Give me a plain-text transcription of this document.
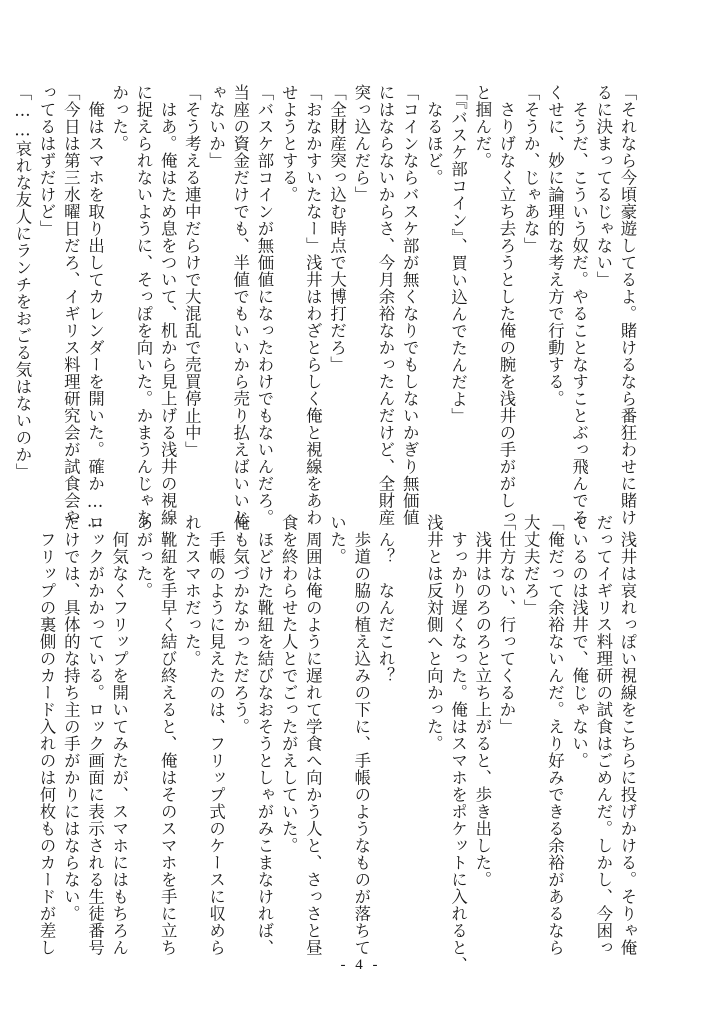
「それなら今頃豪遊してるよ。賭けるなら番狂わせに賭け
るに決まってるじゃない」
　そうだ、こういう奴だ。やることなすことぶっ飛んでる
くせに、妙に論理的な考え方で行動する。
「そうか、じゃあな」
　さりげなく立ち去ろうとした俺の腕を浅井の手ががしっ
と掴んだ。
「『バスケ部コイン』、買い込んでたんだよ」
　なるほど。
「コインならバスケ部が無くなりでもしないかぎり無価値
にはならないからさ、今月余裕なかったんだけど、全財産
突っ込んだら」
「全財産突っ込む時点で大博打だろ」
「おなかすいたなー」浅井はわざとらしく俺と視線をあわ
せようとする。
「バスケ部コインが無価値になったわけでもないんだろ。
当座の資金だけでも、半値でもいいから売り払えばいいじ
ゃないか」
「そう考える連中だらけで大混乱で売買停止中」
　はあ。俺はため息をついて、机から見上げる浅井の視線
に捉えられないように、そっぽを向いた。かまうんじゃな
かった。
　俺はスマホを取り出してカレンダーを開いた。確か……
「今日は第三水曜日だろ、イギリス料理研究会が試食会や
ってるはずだけど」
「……哀れな友人にランチをおごる気はないのか」
　浅井は哀れっぽい視線をこちらに投げかける。そりゃ俺
だってイギリス料理研の試食はごめんだ。しかし、今困っ
ているのは浅井で、俺じゃない。
「俺だって余裕ないんだ。えり好みできる余裕があるなら
大丈夫だろ」
「仕方ない、行ってくるか」
　浅井はのろのろと立ち上がると、歩き出した。
　すっかり遅くなった。俺はスマホをポケットに入れると、
浅井とは反対側へと向かった。

　ん？　なんだこれ？
　歩道の脇の植え込みの下に、手帳のようなものが落ちて
いた。
　周囲は俺のように遅れて学食へ向かう人と、さっさと昼
食を終わらせた人とでごったがえしていた。
　ほどけた靴紐を結びなおそうとしゃがみこまなければ、
俺も気づかなかっただろう。
　手帳のように見えたのは、フリップ式のケースに収めら
れたスマホだった。
　靴紐を手早く結び終えると、俺はそのスマホを手に立ち
あがった。
　何気なくフリップを開いてみたが、スマホにはもちろん
ロックがかかっている。ロック画面に表示される生徒番号
だけでは、具体的な持ち主の手がかりにはならない。
　フリップの裏側のカード入れのは何枚ものカードが差し
- 4 -
